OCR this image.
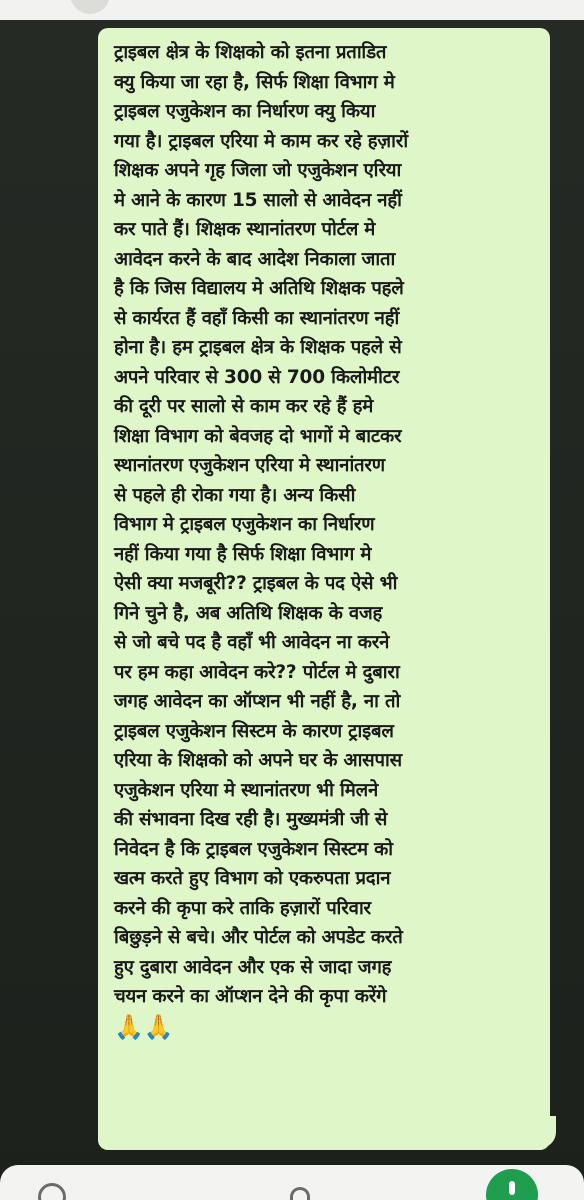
ट्राइबल क्षेत्र के शिक्षको को इतना प्रताडित
क्यु किया जा रहा है, सिर्फ शिक्षा विभाग मे
ट्राइबल एजुकेशन का निर्धारण क्यु किया
गया है। ट्राइबल एरिया मे काम कर रहे हज़ारों
शिक्षक अपने गृह जिला जो एजुकेशन एरिया
मे आने के कारण 15 सालो से आवेदन नहीं
कर पाते हैं। शिक्षक स्थानांतरण पोर्टल मे
आवेदन करने के बाद आदेश निकाला जाता
है कि जिस विद्यालय मे अतिथि शिक्षक पहले
से कार्यरत हैं वहाँ किसी का स्थानांतरण नहीं
होना है। हम ट्राइबल क्षेत्र के शिक्षक पहले से
अपने परिवार से 300 से 700 किलोमीटर
की दूरी पर सालो से काम कर रहे हैं हमे
शिक्षा विभाग को बेवजह दो भागों मे बाटकर
स्थानांतरण एजुकेशन एरिया मे स्थानांतरण
से पहले ही रोका गया है। अन्य किसी
विभाग मे ट्राइबल एजुकेशन का निर्धारण
नहीं किया गया है सिर्फ शिक्षा विभाग मे
ऐसी क्या मजबूरी?? ट्राइबल के पद ऐसे भी
गिने चुने है, अब अतिथि शिक्षक के वजह
से जो बचे पद है वहाँ भी आवेदन ना करने
पर हम कहा आवेदन करे?? पोर्टल मे दुबारा
जगह आवेदन का ऑप्शन भी नहीं है, ना तो
ट्राइबल एजुकेशन सिस्टम के कारण ट्राइबल
एरिया के शिक्षको को अपने घर के आसपास
एजुकेशन एरिया मे स्थानांतरण भी मिलने
की संभावना दिख रही है। मुख्यमंत्री जी से
निवेदन है कि ट्राइबल एजुकेशन सिस्टम को
खत्म करते हुए विभाग को एकरुपता प्रदान
करने की कृपा करे ताकि हज़ारों परिवार
बिछुड़ने से बचे। और पोर्टल को अपडेट करते
हुए दुबारा आवेदन और एक से जादा जगह
चयन करने का ऑप्शन देने की कृपा करेंगे
🙏🙏
